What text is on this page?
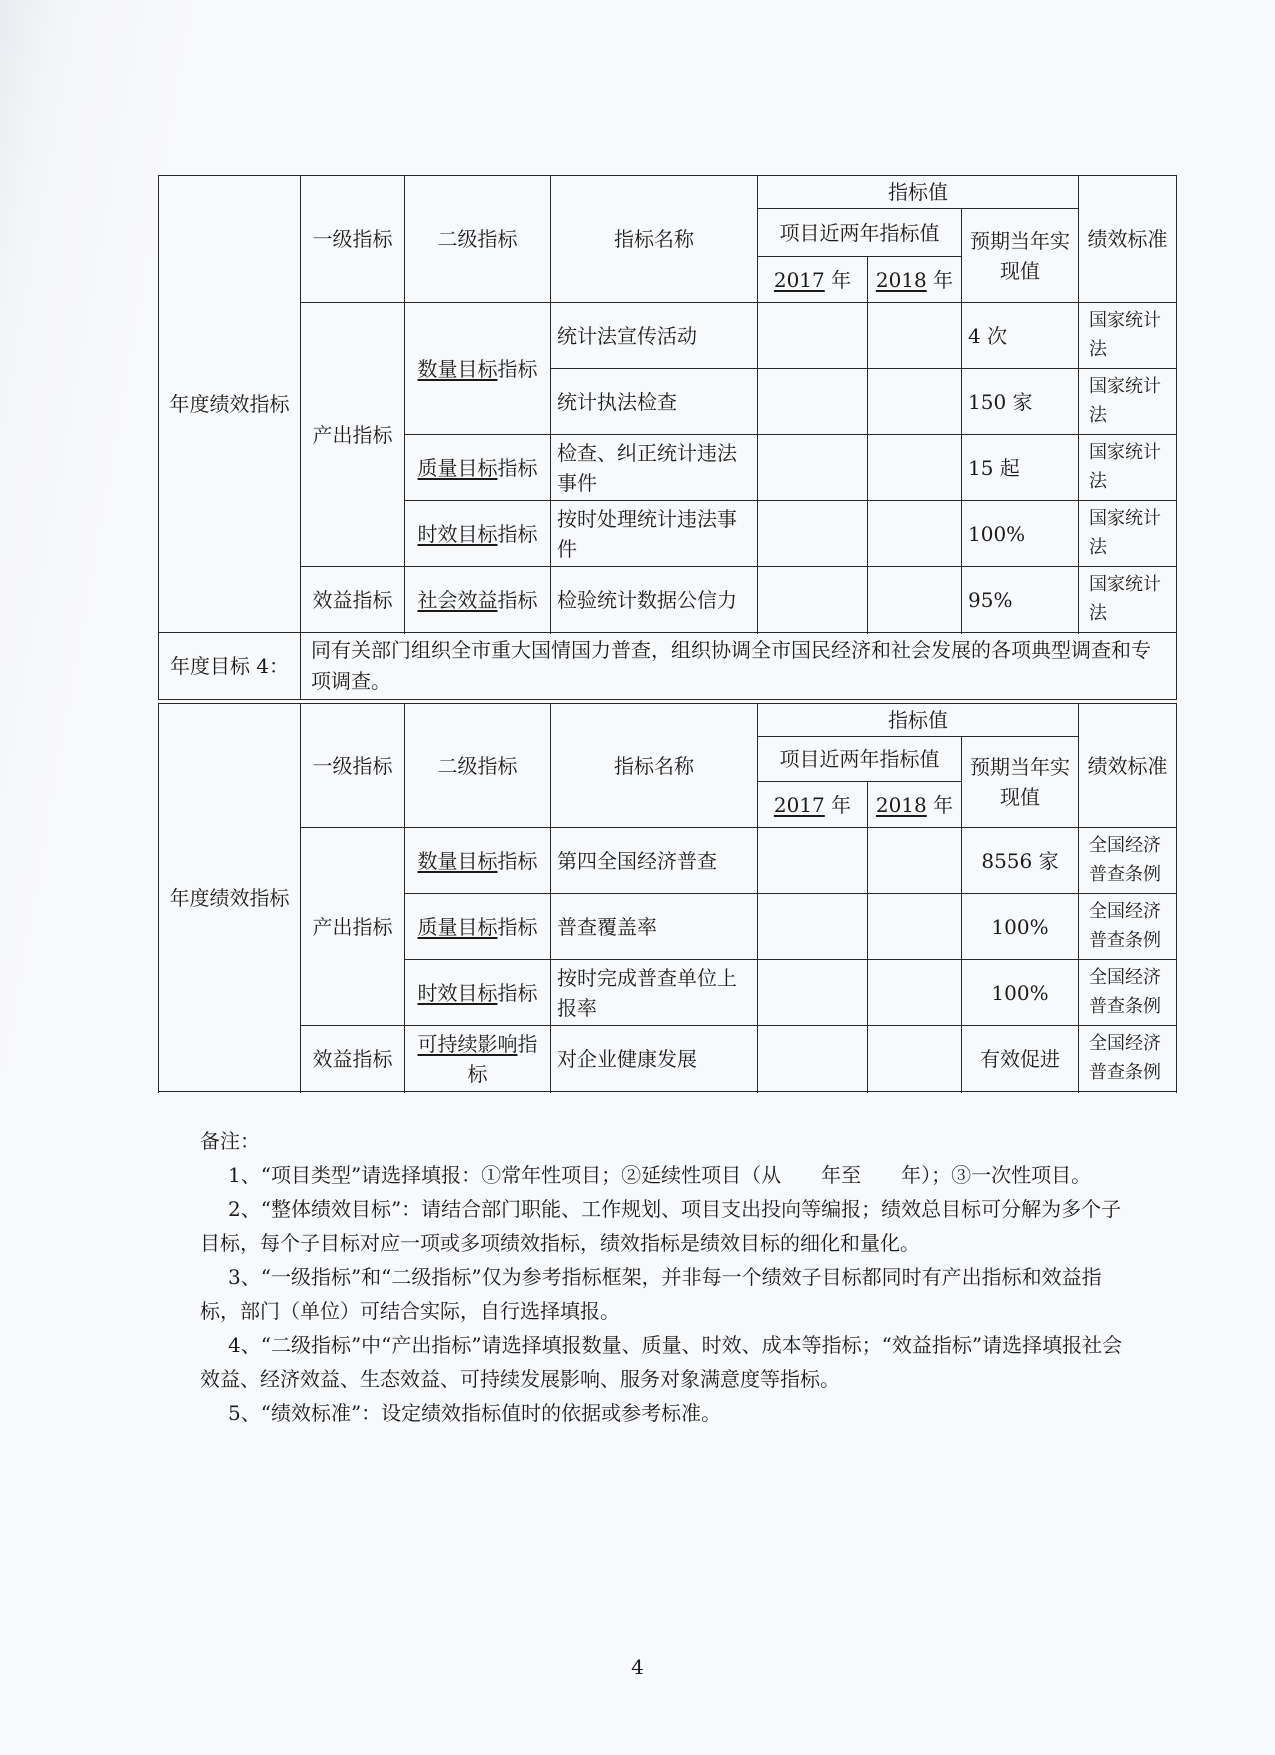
年度绩效指标	一级指标	二级指标	指标名称	指标值			绩效标准
				项目近两年指标值		预期当年实现值	
				2017 年	2018 年		
	产出指标	数量目标指标	统计法宣传活动			4 次	国家统计法

			统计执法检查			150 家	国家统计法

		质量目标指标	检查、纠正统计违法事件			15 起	国家统计法

		时效目标指标	按时处理统计违法事件			100%	国家统计法

	效益指标	社会效益指标	检验统计数据公信力			95%	国家统计法

年度目标 4：	同有关部门组织全市重大国情国力普查，组织协调全市国民经济和社会发展的各项典型调查和专项调查。						
年度绩效指标	一级指标	二级指标	指标名称	指标值			绩效标准
				项目近两年指标值		预期当年实现值	
				2017 年	2018 年		
	产出指标	数量目标指标	第四全国经济普查			8556 家	全国经济普查条例

		质量目标指标	普查覆盖率			100%	全国经济普查条例

		时效目标指标	按时完成普查单位上报率			100%	全国经济普查条例

	效益指标	可持续影响指标	对企业健康发展			有效促进	全国经济普查条例

备注：

1、“项目类型”请选择填报：①常年性项目；②延续性项目（从　　年至　　年）；③一次性项目。

2、“整体绩效目标”：请结合部门职能、工作规划、项目支出投向等编报；绩效总目标可分解为多个子目标，每个子目标对应一项或多项绩效指标，绩效指标是绩效目标的细化和量化。

3、“一级指标”和“二级指标”仅为参考指标框架，并非每一个绩效子目标都同时有产出指标和效益指标，部门（单位）可结合实际，自行选择填报。

4、“二级指标”中“产出指标”请选择填报数量、质量、时效、成本等指标；“效益指标”请选择填报社会效益、经济效益、生态效益、可持续发展影响、服务对象满意度等指标。

5、“绩效标准”：设定绩效指标值时的依据或参考标准。

4
